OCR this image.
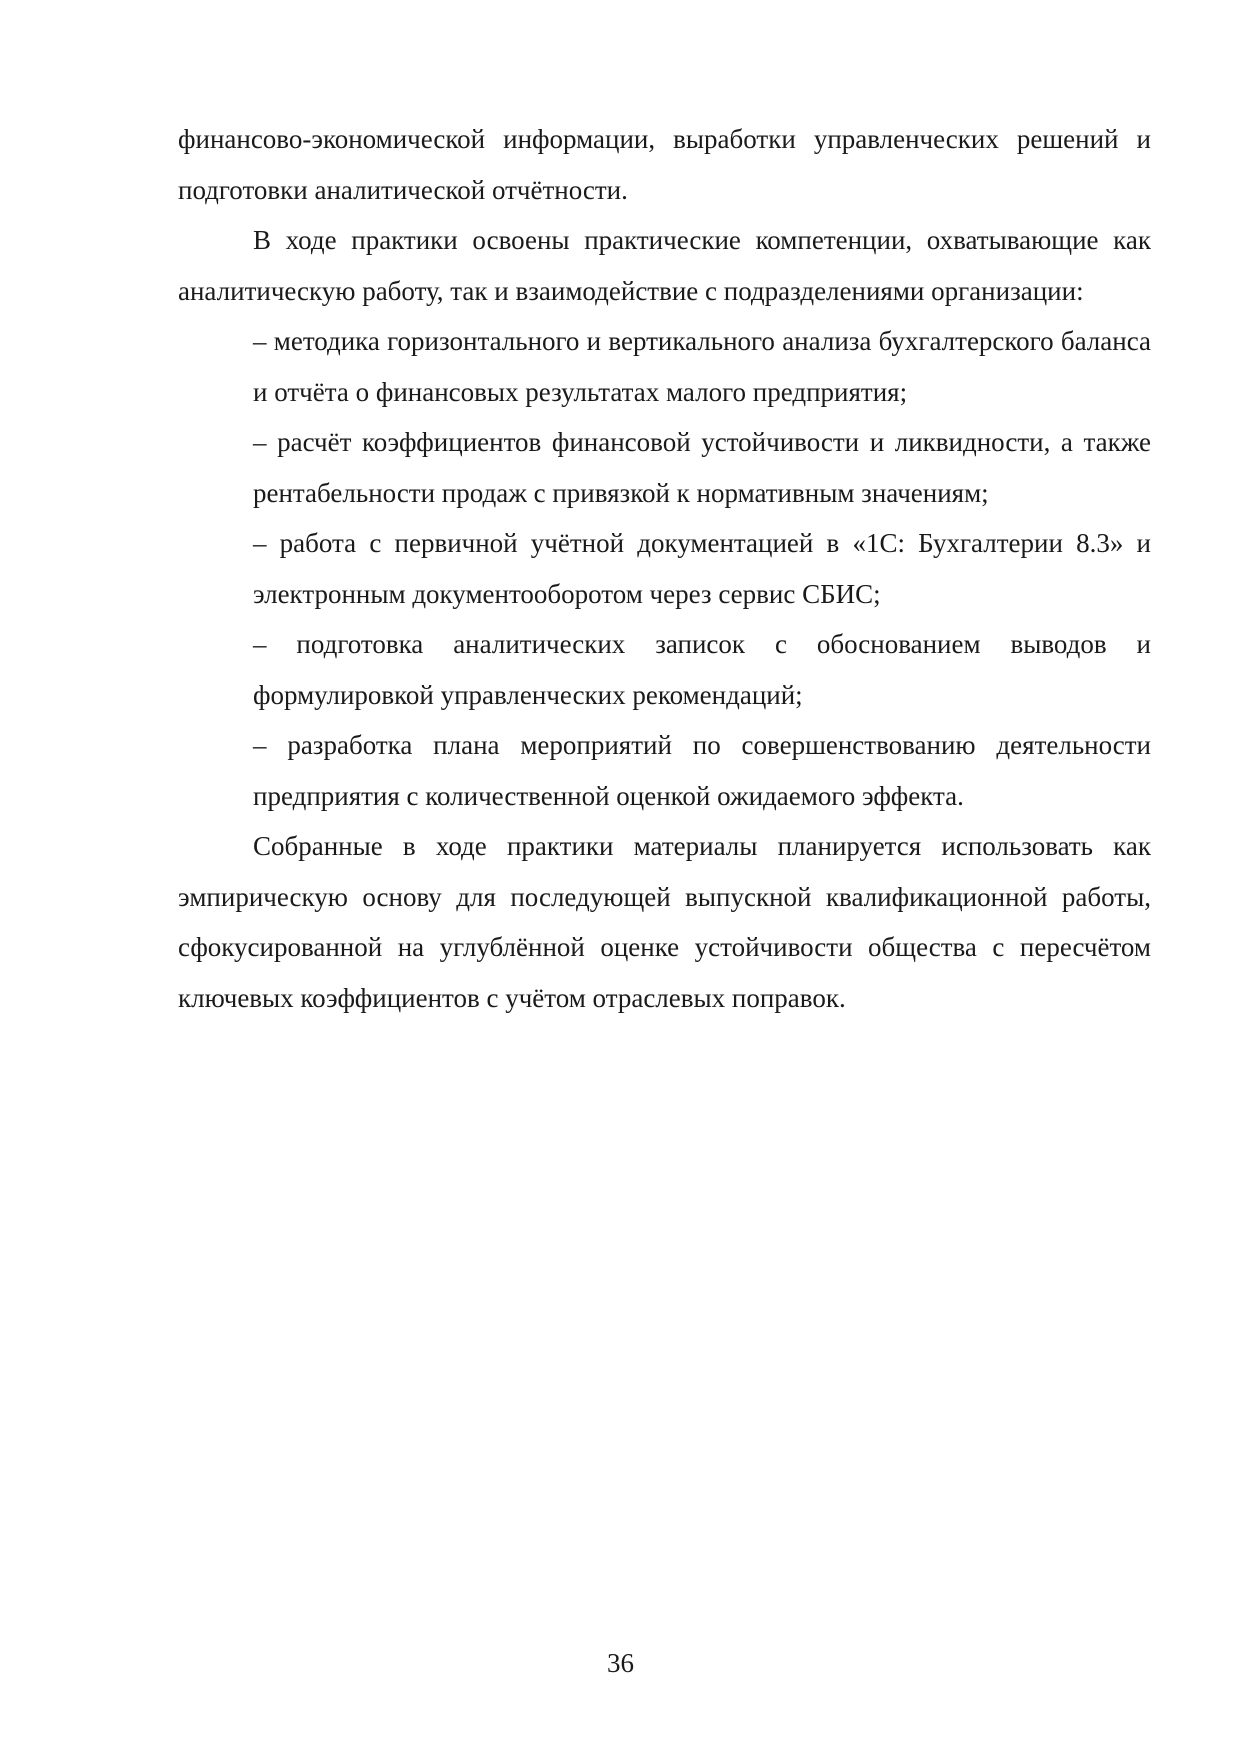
финансово-экономической информации, выработки управленческих решений и подготовки аналитической отчётности.

В ходе практики освоены практические компетенции, охватывающие как аналитическую работу, так и взаимодействие с подразделениями организации:

– методика горизонтального и вертикального анализа бухгалтерского баланса и отчёта о финансовых результатах малого предприятия;
– расчёт коэффициентов финансовой устойчивости и ликвидности, а также рентабельности продаж с привязкой к нормативным значениям;
– работа с первичной учётной документацией в «1С: Бухгалтерии 8.3» и электронным документооборотом через сервис СБИС;
– подготовка аналитических записок с обоснованием выводов и формулировкой управленческих рекомендаций;
– разработка плана мероприятий по совершенствованию деятельности предприятия с количественной оценкой ожидаемого эффекта.

Собранные в ходе практики материалы планируется использовать как эмпирическую основу для последующей выпускной квалификационной работы, сфокусированной на углублённой оценке устойчивости общества с пересчётом ключевых коэффициентов с учётом отраслевых поправок.

36
